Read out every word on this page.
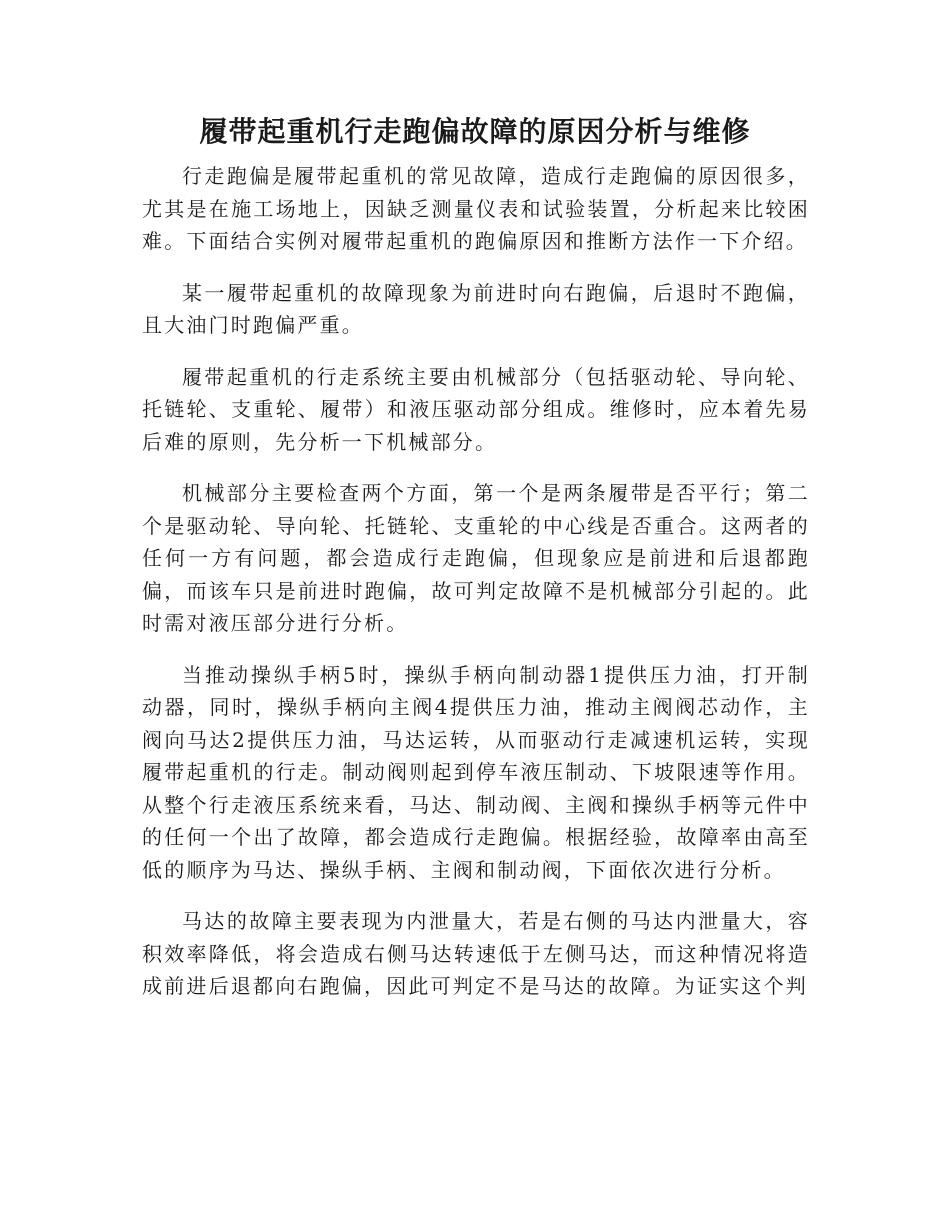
履带起重机行走跑偏故障的原因分析与维修

行走跑偏是履带起重机的常见故障，造成行走跑偏的原因很多，尤其是在施工场地上，因缺乏测量仪表和试验装置，分析起来比较困难。下面结合实例对履带起重机的跑偏原因和推断方法作一下介绍。

某一履带起重机的故障现象为前进时向右跑偏，后退时不跑偏，且大油门时跑偏严重。

履带起重机的行走系统主要由机械部分（包括驱动轮、导向轮、托链轮、支重轮、履带）和液压驱动部分组成。维修时，应本着先易后难的原则，先分析一下机械部分。

机械部分主要检查两个方面，第一个是两条履带是否平行；第二个是驱动轮、导向轮、托链轮、支重轮的中心线是否重合。这两者的任何一方有问题，都会造成行走跑偏，但现象应是前进和后退都跑偏，而该车只是前进时跑偏，故可判定故障不是机械部分引起的。此时需对液压部分进行分析。

当推动操纵手柄5时，操纵手柄向制动器1提供压力油，打开制动器，同时，操纵手柄向主阀4提供压力油，推动主阀阀芯动作，主阀向马达2提供压力油，马达运转，从而驱动行走减速机运转，实现履带起重机的行走。制动阀则起到停车液压制动、下坡限速等作用。从整个行走液压系统来看，马达、制动阀、主阀和操纵手柄等元件中的任何一个出了故障，都会造成行走跑偏。根据经验，故障率由高至低的顺序为马达、操纵手柄、主阀和制动阀，下面依次进行分析。

马达的故障主要表现为内泄量大，若是右侧的马达内泄量大，容积效率降低，将会造成右侧马达转速低于左侧马达，而这种情况将造成前进后退都向右跑偏，因此可判定不是马达的故障。为证实这个判
